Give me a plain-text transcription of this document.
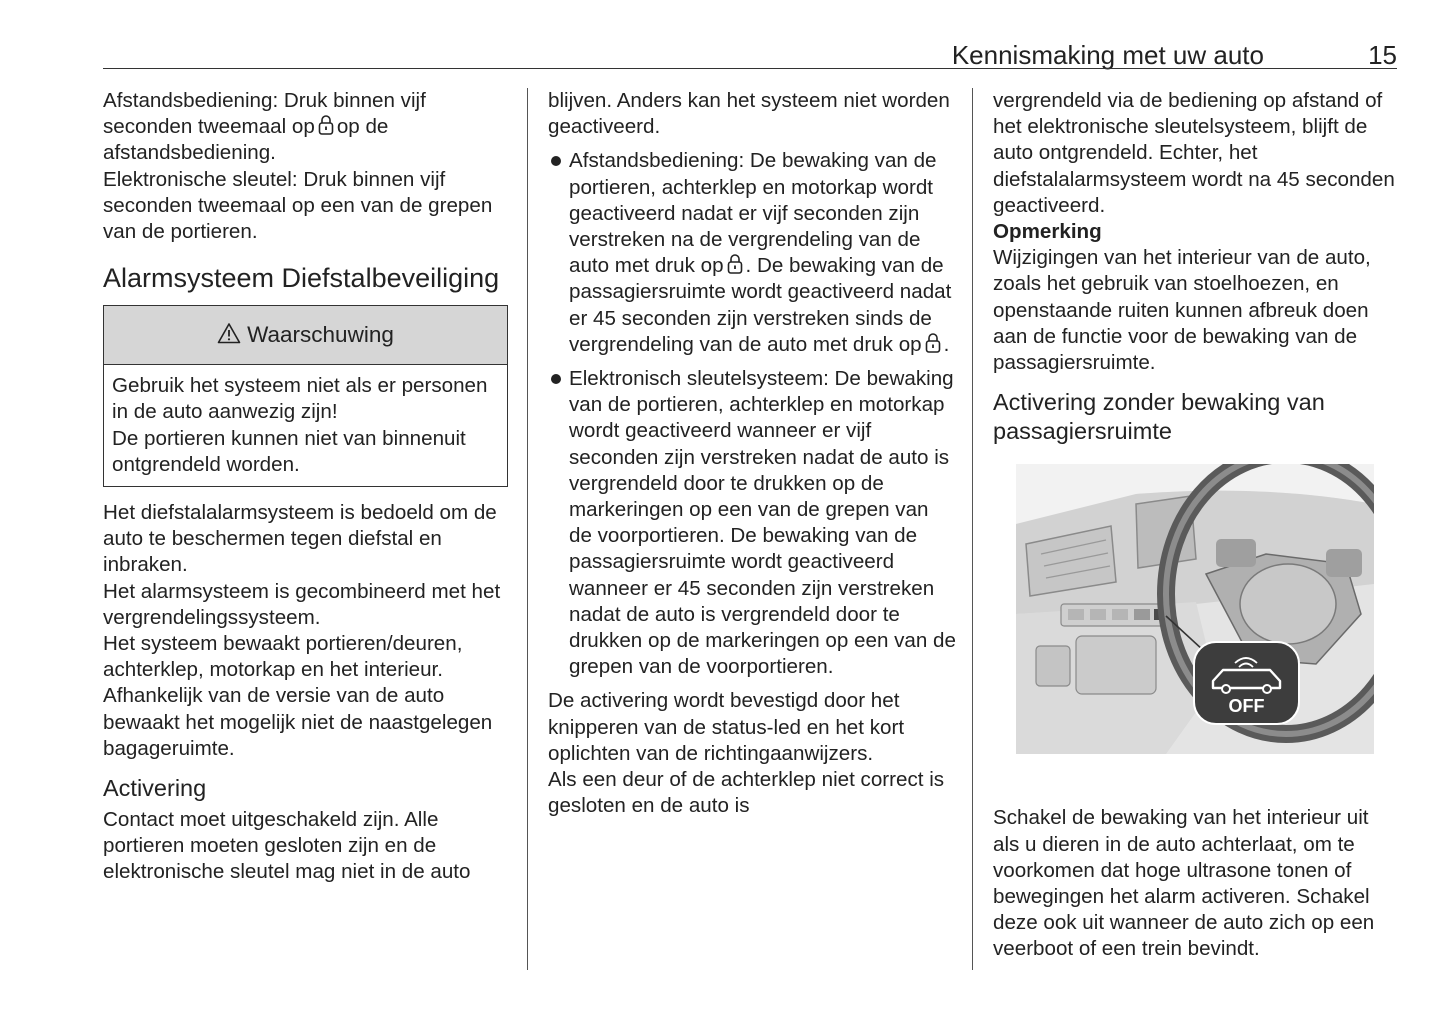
Kennismaking met uw auto	15

Afstandsbediening: Druk binnen vijf seconden tweemaal op op de afstandsbediening.

Elektronische sleutel: Druk binnen vijf seconden tweemaal op een van de grepen van de portieren.

Alarmsysteem Diefstalbeveiliging
Waarschuwing

Gebruik het systeem niet als er personen in de auto aanwezig zijn!

De portieren kunnen niet van binnenuit ontgrendeld worden.

Het diefstalalarmsysteem is bedoeld om de auto te beschermen tegen diefstal en inbraken.

Het alarmsysteem is gecombineerd met het vergrendelingssysteem.

Het systeem bewaakt portieren/deuren, achterklep, motorkap en het interieur.

Afhankelijk van de versie van de auto bewaakt het mogelijk niet de naastgelegen bagageruimte.

Activering

Contact moet uitgeschakeld zijn. Alle portieren moeten gesloten zijn en de elektronische sleutel mag niet in de auto

blijven. Anders kan het systeem niet worden geactiveerd.

Afstandsbediening: De bewaking van de portieren, achterklep en motorkap wordt geactiveerd nadat er vijf seconden zijn verstreken na de vergrendeling van de auto met druk op . De bewaking van de passagiersruimte wordt geactiveerd nadat er 45 seconden zijn verstreken sinds de vergrendeling van de auto met druk op .
Elektronisch sleutelsysteem: De bewaking van de portieren, achterklep en motorkap wordt geactiveerd wanneer er vijf seconden zijn verstreken nadat de auto is vergrendeld door te drukken op de markeringen op een van de grepen van de voorportieren. De bewaking van de passagiersruimte wordt geactiveerd wanneer er 45 seconden zijn verstreken nadat de auto is vergrendeld door te drukken op de markeringen op een van de grepen van de voorportieren.

De activering wordt bevestigd door het knipperen van de status-led en het kort oplichten van de richtingaanwijzers.

Als een deur of de achterklep niet correct is gesloten en de auto is

vergrendeld via de bediening op afstand of het elektronische sleutelsysteem, blijft de auto ontgrendeld. Echter, het diefstalalarmsysteem wordt na 45 seconden geactiveerd.

Opmerking

Wijzigingen van het interieur van de auto, zoals het gebruik van stoelhoezen, en openstaande ruiten kunnen afbreuk doen aan de functie voor de bewaking van de passagiersruimte.

Activering zonder bewaking van passagiersruimte
OFF

Schakel de bewaking van het interieur uit als u dieren in de auto achterlaat, om te voorkomen dat hoge ultrasone tonen of bewegingen het alarm activeren. Schakel deze ook uit wanneer de auto zich op een veerboot of een trein bevindt.
